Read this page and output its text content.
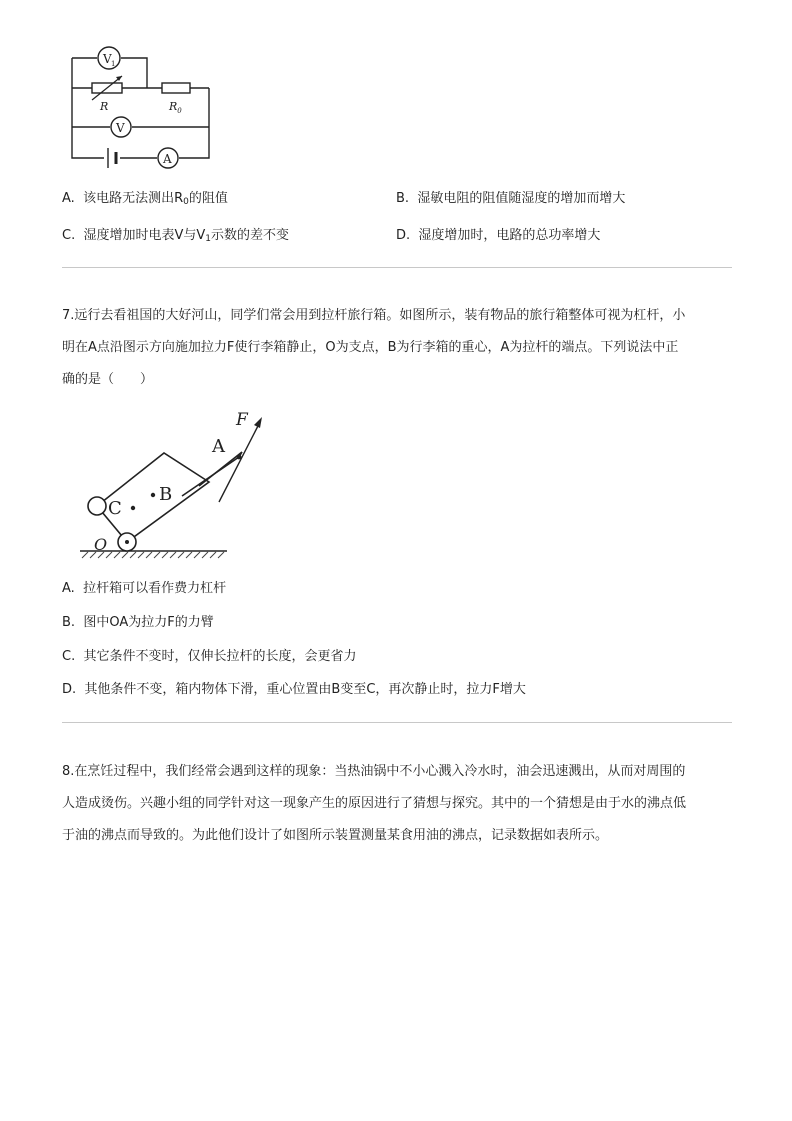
V 1
R	$R_0$
V
A
A. 该电路无法测出$R_0$的阻值	B. 湿敏电阻的阻值随湿度的增加而增大
C. 湿度增加时电表V与$V_1$示数的差不变	D. 湿度增加时，电路的总功率增大
7.远行去看祖国的大好河山，同学们常会用到拉杆旅行箱。如图所示，装有物品的旅行箱整体可视为杠杆，小
明在A点沿图示方向施加拉力F使行李箱静止，O为支点，B为行李箱的重心，A为拉杆的端点。下列说法中正
确的是（　　）
F
A
B
C
O
A. 拉杆箱可以看作费力杠杆
B. 图中OA为拉力F的力臂
C. 其它条件不变时，仅伸长拉杆的长度，会更省力
D. 其他条件不变，箱内物体下滑，重心位置由B变至C，再次静止时，拉力F增大
8.在烹饪过程中，我们经常会遇到这样的现象：当热油锅中不小心溅入冷水时，油会迅速溅出，从而对周围的
人造成烫伤。兴趣小组的同学针对这一现象产生的原因进行了猜想与探究。其中的一个猜想是由于水的沸点低
于油的沸点而导致的。为此他们设计了如图所示装置测量某食用油的沸点，记录数据如表所示。
